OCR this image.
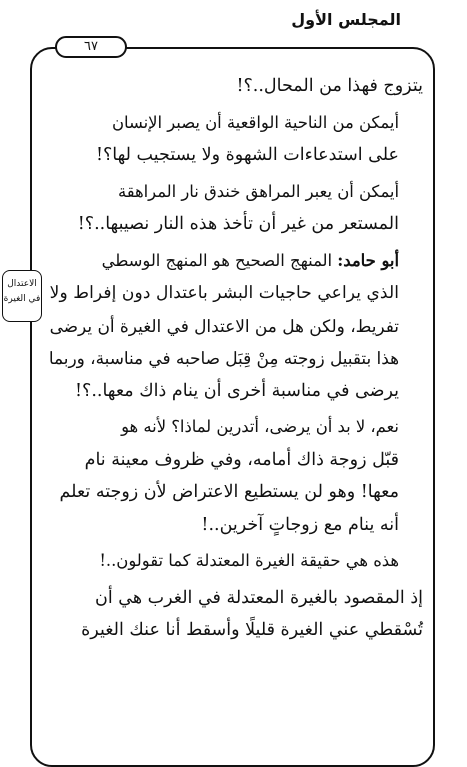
المجلس الأول
٦٧
الاعتدال
في الغيرة

يتزوج فهذا من المحال..؟!

أيمكن من الناحية الواقعية أن يصبر الإنسان
على استدعاءات الشهوة ولا يستجيب لها؟!

أيمكن أن يعبر المراهق خندق نار المراهقة
المستعر من غير أن تأخذ هذه النار نصيبها..؟!

أبو حامد: المنهج الصحيح هو المنهج الوسطي
الذي يراعي حاجيات البشر باعتدال دون إفراط ولا
تفريط، ولكن هل من الاعتدال في الغيرة أن يرضى
هذا بتقبيل زوجته مِنْ قِبَل صاحبه في مناسبة، وربما
يرضى في مناسبة أخرى أن ينام ذاك معها..؟!

نعم، لا بد أن يرضى، أتدرين لماذا؟ لأنه هو
قبّل زوجة ذاك أمامه، وفي ظروف معينة نام
معها! وهو لن يستطيع الاعتراض لأن زوجته تعلم
أنه ينام مع زوجاتٍ آخرين..!

هذه هي حقيقة الغيرة المعتدلة كما تقولون..!

إذ المقصود بالغيرة المعتدلة في الغرب هي أن
تُسْقطي عني الغيرة قليلًا وأسقط أنا عنك الغيرة
